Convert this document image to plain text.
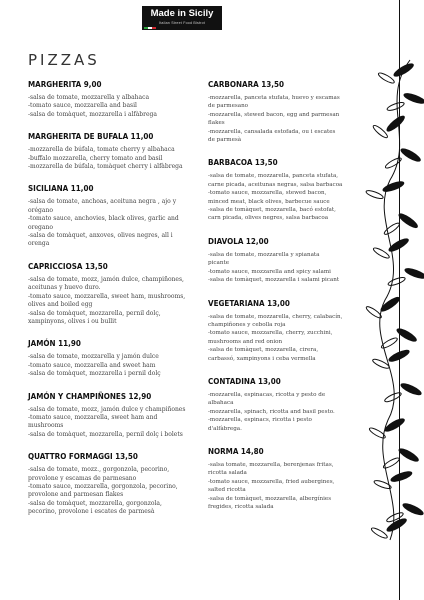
Made in Sicily
Italian Street Food Bistrot
PIZZAS
MARGHERITA 9,00
-salsa de tomate, mozzarella y albahaca
-tomato sauce, mozzarella and basil
-salsa de tomàquet, mozzarella i alfàbrega
MARGHERITA DE BUFALA 11,00
-mozzarella de búfala, tomate cherry y albahaca
-buffalo mozzarella, cherry tomato and basil
-mozzarella de búfala, tomàquet cherry i alfàbrega
SICILIANA 11,00
-salsa de tomate, anchoas, aceituna negra , ajo y
orégano
-tomato sauce, anchovies, black olives, garlic and
oregano
-salsa de tomàquet, anxoves, olives negres, all i
orenga
CAPRICCIOSA 13,50
-salsa de tomate, mozz, jamón dulce, champiñones,
aceitunas y huevo duro.
-tomato sauce, mozzarella, sweet ham, mushrooms,
olives and boiled egg
-salsa de tomàquet, mozzarella, pernil dolç,
xampinyons, olives i ou bullit
JAMÓN 11,90
-salsa de tomate, mozzarella y jamón dulce
-tomato sauce, mozzarella and sweet ham
-salsa de tomàquet, mozzarella i pernil dolç
JAMÓN Y CHAMPIÑONES 12,90
-salsa de tomate, mozz, jamón dulce y champiñones
-tomato sauce, mozzarella, sweet ham and
mushrooms
-salsa de tomàquet, mozzarella, pernil dolç i bolets
QUATTRO FORMAGGI 13,50
-salsa de tomate, mozz., gorgonzola, pecorino,
provolone y escamas de parmesano
-tomato sauce, mozzarella, gorgonzola, pecorino,
provolone and parmesan flakes
-salsa de tomàquet, mozzarella, gorgonzola,
pecorino, provolone i escates de parmesà
CARBONARA 13,50
-mozzarella, panceta stufata, huevo y escamas
de parmesano
-mozzarella, stewed bacon, egg and parmesan
flakes
-mozzarella, cansalada estofada, ou i escates
de parmesà
BARBACOA 13,50
-salsa de tomate, mozzarella, panceta stufata,
carne picada, aceitunas negras, salsa barbacoa
-tomato sauce, mozzarella, stewed bacon,
minced meat, black olives, barbecue sauce
-salsa de tomàquet, mozzarella, bacó estofat,
carn picada, olives negres, salsa barbacoa
DIAVOLA 12,00
-salsa de tomate, mozzarella y spianata
picante
-tomato sauce, mozzarella and spicy salami
-salsa de tomàquet, mozzarella i salami picant
VEGETARIANA 13,00
-salsa de tomate, mozzarella, cherry, calabacín,
champiñones y cebolla roja
-tomato sauce, mozzarella, cherry, zucchini,
mushrooms and red onion
-salsa de tomàquet, mozzarella, cirera,
carbassó, xampinyons i ceba vermella
CONTADINA 13,00
-mozzarella, espinacas, ricotta y pesto de
albahaca
-mozzarella, spinach, ricotta and basil pesto.
-mozzarella, espinacs, ricotta i pesto
d'alfàbrega.
NORMA 14,80
-salsa tomate, mozzarella, berenjenas fritas,
ricotta salada
-tomato sauce, mozzarella, fried aubergines,
salted ricotta
-salsa de tomàquet, mozzarella, albergínies
fregides, ricotta salada
